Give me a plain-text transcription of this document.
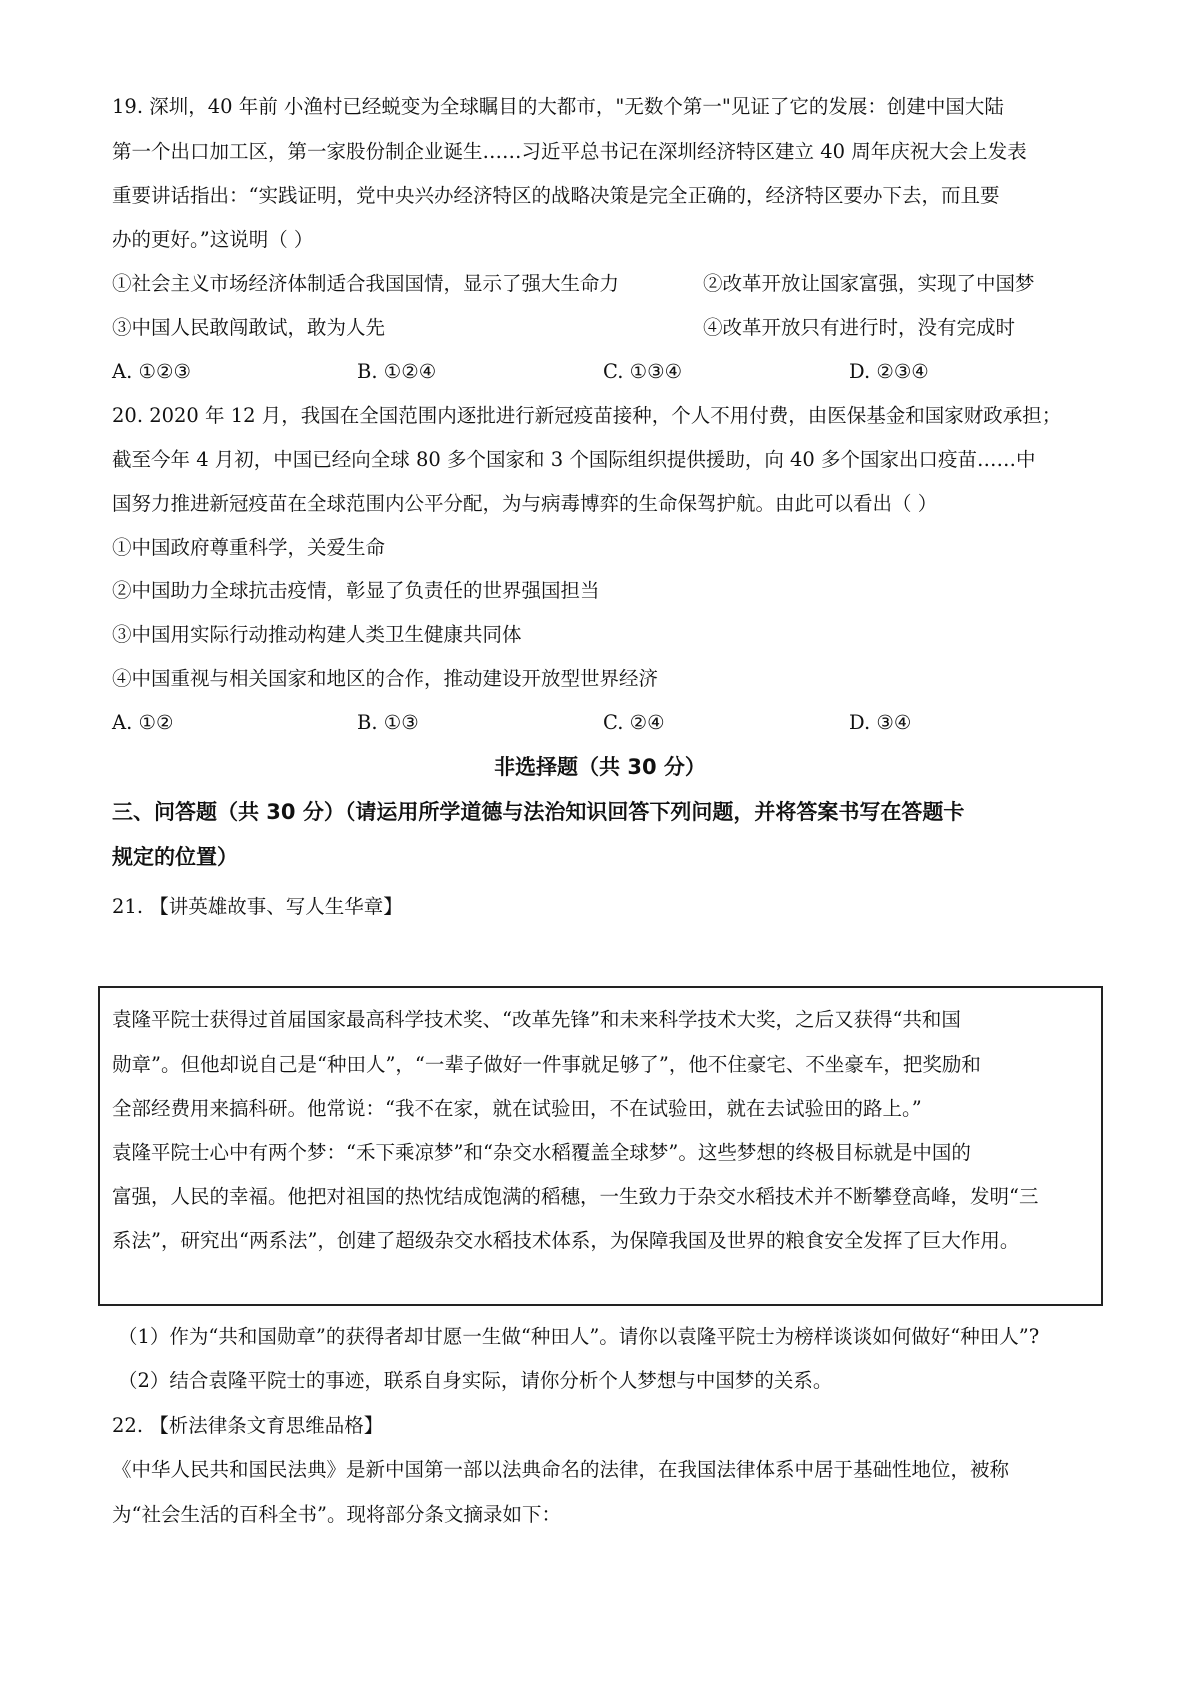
19. 深圳，40 年前 小渔村已经蜕变为全球瞩目的大都市，"无数个第一"见证了它的发展：创建中国大陆
第一个出口加工区，第一家股份制企业诞生……习近平总书记在深圳经济特区建立 40 周年庆祝大会上发表
重要讲话指出：“实践证明，党中央兴办经济特区的战略决策是完全正确的，经济特区要办下去，而且要
办的更好。”这说明（ ）
①社会主义市场经济体制适合我国国情，显示了强大生命力	②改革开放让国家富强，实现了中国梦
③中国人民敢闯敢试，敢为人先	④改革开放只有进行时，没有完成时
A. ①②③	B. ①②④	C. ①③④	D. ②③④
20. 2020 年 12 月，我国在全国范围内逐批进行新冠疫苗接种，个人不用付费，由医保基金和国家财政承担；
截至今年 4 月初，中国已经向全球 80 多个国家和 3 个国际组织提供援助，向 40 多个国家出口疫苗……中
国努力推进新冠疫苗在全球范围内公平分配，为与病毒博弈的生命保驾护航。由此可以看出（ ）
①中国政府尊重科学，关爱生命
②中国助力全球抗击疫情，彰显了负责任的世界强国担当
③中国用实际行动推动构建人类卫生健康共同体
④中国重视与相关国家和地区的合作，推动建设开放型世界经济
A. ①②	B. ①③	C. ②④	D. ③④
非选择题（共 30 分）
三、问答题（共 30 分）（请运用所学道德与法治知识回答下列问题，并将答案书写在答题卡
规定的位置）
21. 【讲英雄故事、写人生华章】
袁隆平院士获得过首届国家最高科学技术奖、“改革先锋”和未来科学技术大奖，之后又获得“共和国
勋章”。但他却说自己是“种田人”，“一辈子做好一件事就足够了”，他不住豪宅、不坐豪车，把奖励和
全部经费用来搞科研。他常说：“我不在家，就在试验田，不在试验田，就在去试验田的路上。”
袁隆平院士心中有两个梦：“禾下乘凉梦”和“杂交水稻覆盖全球梦”。这些梦想的终极目标就是中国的
富强，人民的幸福。他把对祖国的热忱结成饱满的稻穗，一生致力于杂交水稻技术并不断攀登高峰，发明“三
系法”，研究出“两系法”，创建了超级杂交水稻技术体系，为保障我国及世界的粮食安全发挥了巨大作用。
（1）作为“共和国勋章”的获得者却甘愿一生做“种田人”。请你以袁隆平院士为榜样谈谈如何做好“种田人”?
（2）结合袁隆平院士的事迹，联系自身实际，请你分析个人梦想与中国梦的关系。
22. 【析法律条文育思维品格】
《中华人民共和国民法典》是新中国第一部以法典命名的法律，在我国法律体系中居于基础性地位，被称
为“社会生活的百科全书”。现将部分条文摘录如下：
